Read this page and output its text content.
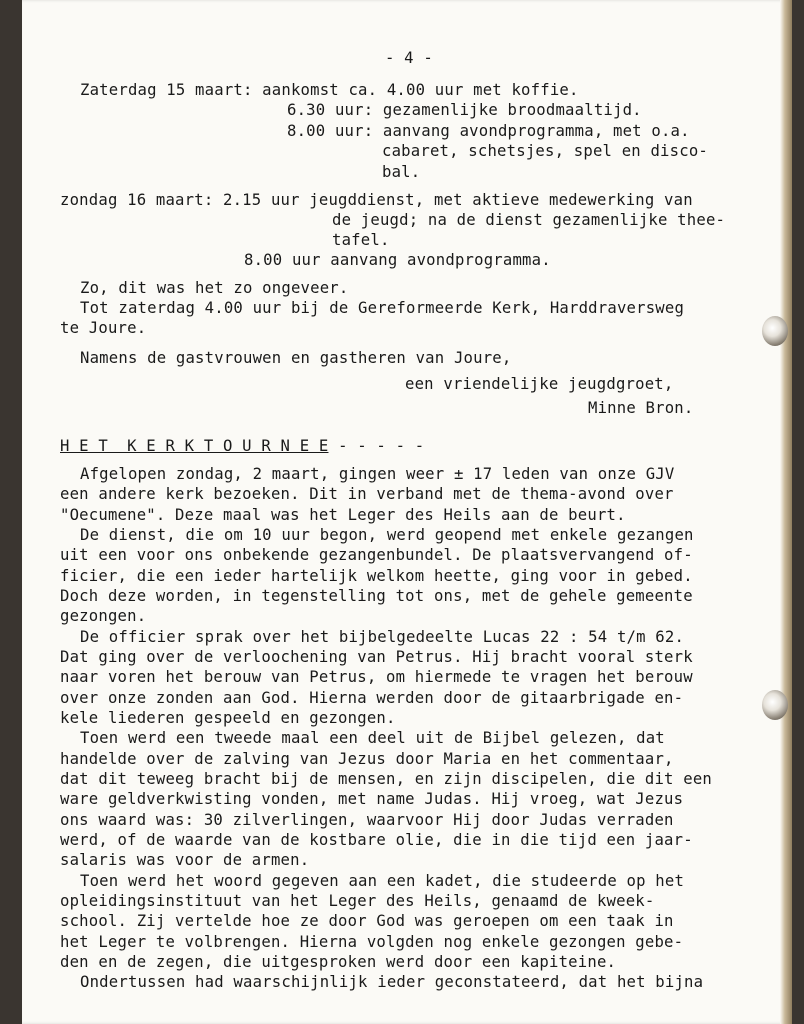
- 4 -

Zaterdag 15 maart: aankomst ca. 4.00 uur met koffie.

6.30 uur: gezamenlijke broodmaaltijd.

8.00 uur: aanvang avondprogramma, met o.a.

cabaret, schetsjes, spel en disco-

bal.

zondag 16 maart: 2.15 uur jeugddienst, met aktieve medewerking van

de jeugd; na de dienst gezamenlijke thee-

tafel.

8.00 uur aanvang avondprogramma.

Zo, dit was het zo ongeveer.

Tot zaterdag 4.00 uur bij de Gereformeerde Kerk, Harddraversweg

te Joure.

Namens de gastvrouwen en gastheren van Joure,

een vriendelijke jeugdgroet,

Minne Bron.

H E T  K E R K T O U R N E E - - - - -

Afgelopen zondag, 2 maart, gingen weer ± 17 leden van onze GJV

een andere kerk bezoeken. Dit in verband met de thema-avond over

"Oecumene". Deze maal was het Leger des Heils aan de beurt.

De dienst, die om 10 uur begon, werd geopend met enkele gezangen

uit een voor ons onbekende gezangenbundel. De plaatsvervangend of-

ficier, die een ieder hartelijk welkom heette, ging voor in gebed.

Doch deze worden, in tegenstelling tot ons, met de gehele gemeente

gezongen.

De officier sprak over het bijbelgedeelte Lucas 22 : 54 t/m 62.

Dat ging over de verloochening van Petrus. Hij bracht vooral sterk

naar voren het berouw van Petrus, om hiermede te vragen het berouw

over onze zonden aan God. Hierna werden door de gitaarbrigade en-

kele liederen gespeeld en gezongen.

Toen werd een tweede maal een deel uit de Bijbel gelezen, dat

handelde over de zalving van Jezus door Maria en het commentaar,

dat dit teweeg bracht bij de mensen, en zijn discipelen, die dit een

ware geldverkwisting vonden, met name Judas. Hij vroeg, wat Jezus

ons waard was: 30 zilverlingen, waarvoor Hij door Judas verraden

werd, of de waarde van de kostbare olie, die in die tijd een jaar-

salaris was voor de armen.

Toen werd het woord gegeven aan een kadet, die studeerde op het

opleidingsinstituut van het Leger des Heils, genaamd de kweek-

school. Zij vertelde hoe ze door God was geroepen om een taak in

het Leger te volbrengen. Hierna volgden nog enkele gezongen gebe-

den en de zegen, die uitgesproken werd door een kapiteine.

Ondertussen had waarschijnlijk ieder geconstateerd, dat het bijna
